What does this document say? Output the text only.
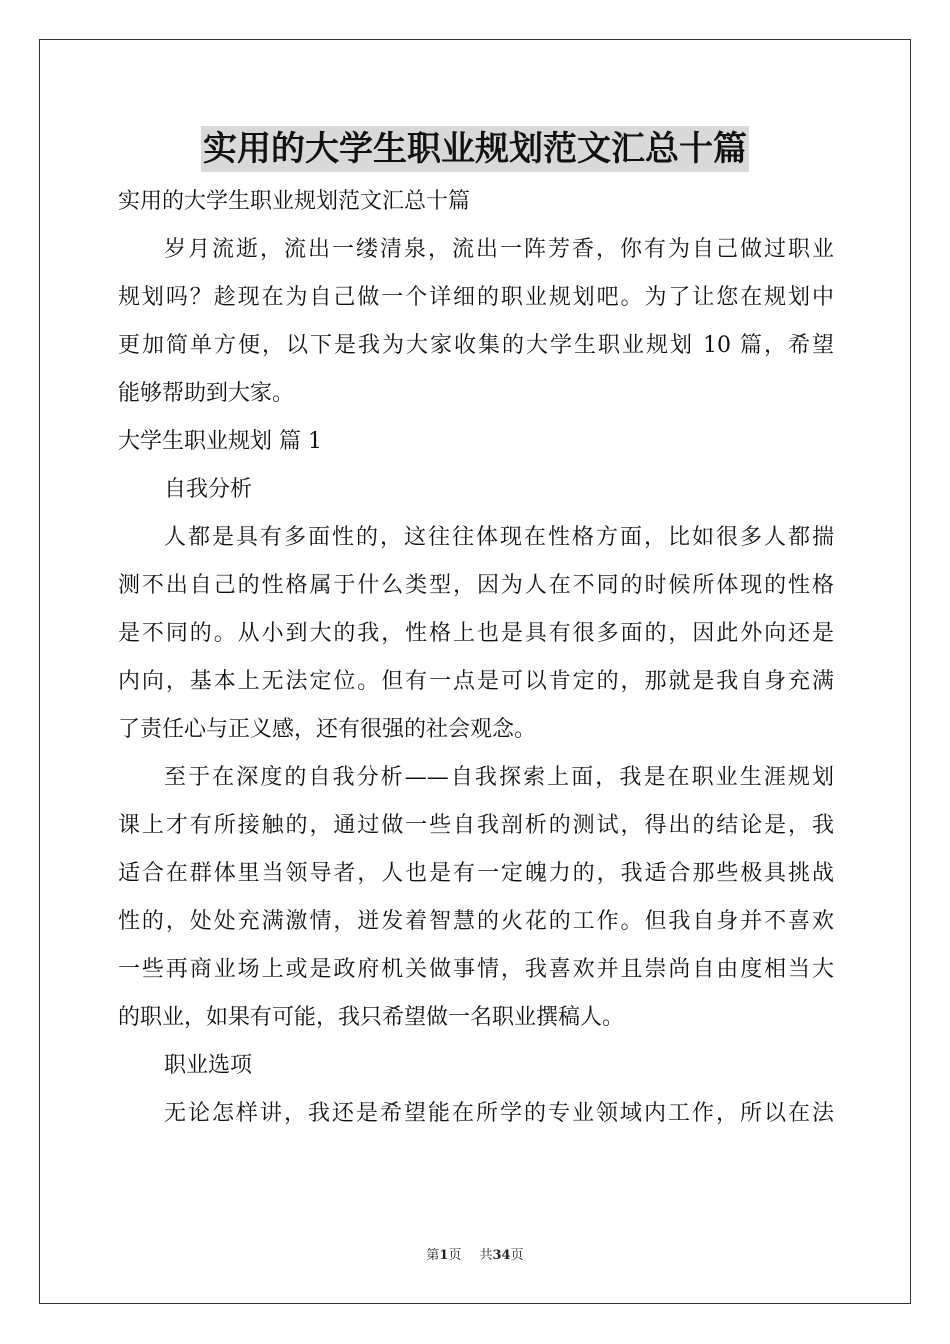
实用的大学生职业规划范文汇总十篇
实用的大学生职业规划范文汇总十篇
岁月流逝，流出一缕清泉，流出一阵芳香，你有为自己做过职业
规划吗？趁现在为自己做一个详细的职业规划吧。为了让您在规划中
更加简单方便，以下是我为大家收集的大学生职业规划 10 篇，希望
能够帮助到大家。
大学生职业规划 篇 1
自我分析
人都是具有多面性的，这往往体现在性格方面，比如很多人都揣
测不出自己的性格属于什么类型，因为人在不同的时候所体现的性格
是不同的。从小到大的我，性格上也是具有很多面的，因此外向还是
内向，基本上无法定位。但有一点是可以肯定的，那就是我自身充满
了责任心与正义感，还有很强的社会观念。
至于在深度的自我分析——自我探索上面，我是在职业生涯规划
课上才有所接触的，通过做一些自我剖析的测试，得出的结论是，我
适合在群体里当领导者，人也是有一定魄力的，我适合那些极具挑战
性的，处处充满激情，迸发着智慧的火花的工作。但我自身并不喜欢
一些再商业场上或是政府机关做事情，我喜欢并且崇尚自由度相当大
的职业，如果有可能，我只希望做一名职业撰稿人。
职业选项
无论怎样讲，我还是希望能在所学的专业领域内工作，所以在法
第1页 共34页
